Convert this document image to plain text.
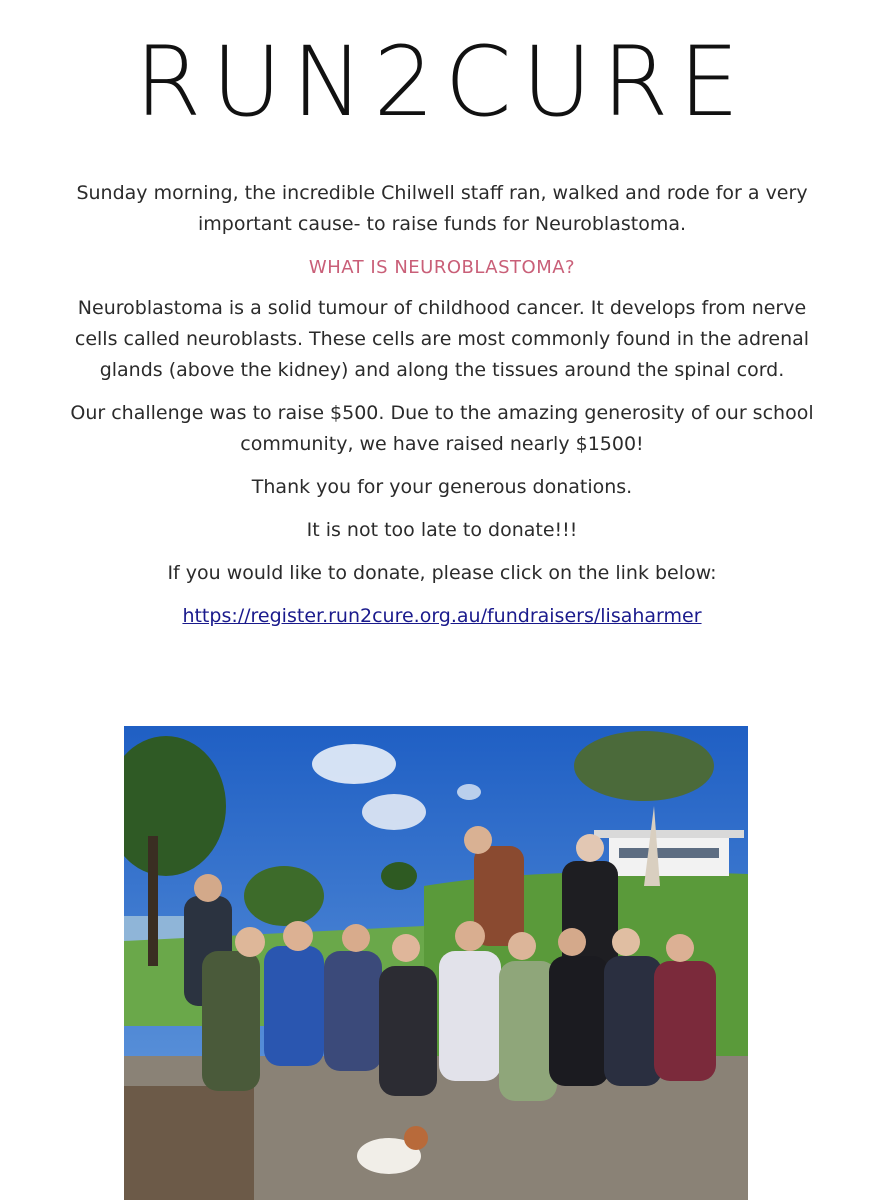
RUN2CURE

Sunday morning, the incredible Chilwell staff ran, walked and rode for a very important cause- to raise funds for Neuroblastoma.

WHAT IS NEUROBLASTOMA?

Neuroblastoma is a solid tumour of childhood cancer. It develops from nerve cells called neuroblasts. These cells are most commonly found in the adrenal glands (above the kidney) and along the tissues around the spinal cord.

Our challenge was to raise $500. Due to the amazing generosity of our school community, we have raised nearly $1500!

Thank you for your generous donations.

It is not too late to donate!!!

If you would like to donate, please click on the link below:

https://register.run2cure.org.au/fundraisers/lisaharmer
